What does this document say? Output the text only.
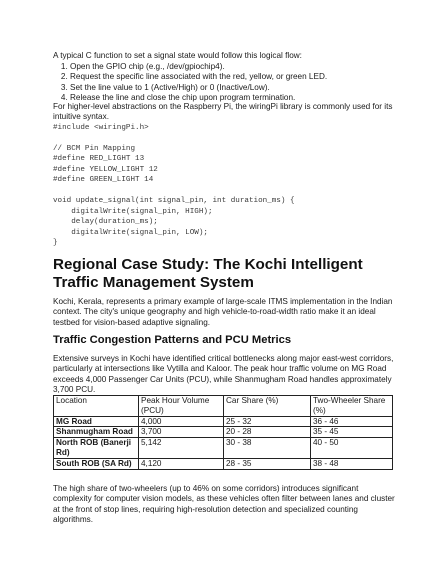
A typical C function to set a signal state would follow this logical flow:
1. Open the GPIO chip (e.g., /dev/gpiochip4).
2. Request the specific line associated with the red, yellow, or green LED.
3. Set the line value to 1 (Active/High) or 0 (Inactive/Low).
4. Release the line and close the chip upon program termination.
For higher-level abstractions on the Raspberry Pi, the wiringPi library is commonly used for its intuitive syntax.
#include <wiringPi.h>

// BCM Pin Mapping
#define RED_LIGHT 13
#define YELLOW_LIGHT 12
#define GREEN_LIGHT 14

void update_signal(int signal_pin, int duration_ms) {
digitalWrite(signal_pin, HIGH);
delay(duration_ms);
digitalWrite(signal_pin, LOW);
}
Regional Case Study: The Kochi Intelligent Traffic Management System
Kochi, Kerala, represents a primary example of large-scale ITMS implementation in the Indian context. The city's unique geography and high vehicle-to-road-width ratio make it an ideal testbed for vision-based adaptive signaling.
Traffic Congestion Patterns and PCU Metrics
Extensive surveys in Kochi have identified critical bottlenecks along major east-west corridors, particularly at intersections like Vytilla and Kaloor. The peak hour traffic volume on MG Road exceeds 4,000 Passenger Car Units (PCU), while Shanmugham Road handles approximately 3,700 PCU.
Location	Peak Hour Volume (PCU)	Car Share (%)	Two-Wheeler Share (%)
MG Road	4,000	25 - 32	36 - 46
Shanmugham Road	3,700	20 - 28	35 - 45
North ROB (Banerji Rd)	5,142	30 - 38	40 - 50
South ROB (SA Rd)	4,120	28 - 35	38 - 48
The high share of two-wheelers (up to 46% on some corridors) introduces significant complexity for computer vision models, as these vehicles often filter between lanes and cluster at the front of stop lines, requiring high-resolution detection and specialized counting algorithms.
